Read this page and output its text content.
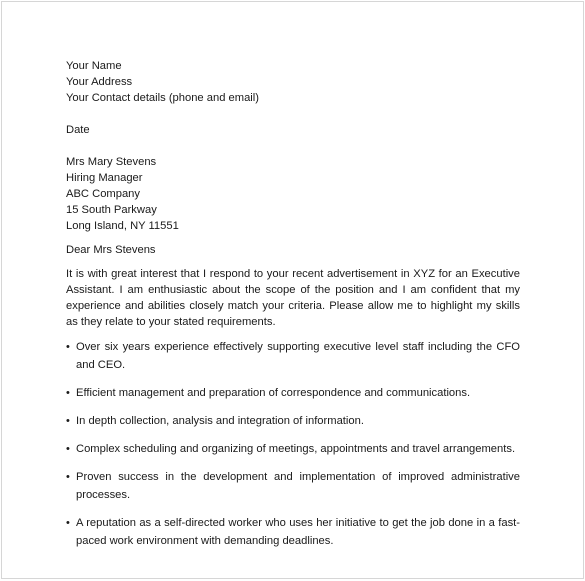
Your Name
Your Address
Your Contact details (phone and email)
Date
Mrs Mary Stevens
Hiring Manager
ABC Company
15 South Parkway
Long Island, NY 11551
Dear Mrs Stevens

It is with great interest that I respond to your recent advertisement in XYZ for an Executive Assistant. I am enthusiastic about the scope of the position and I am confident that my experience and abilities closely match your criteria. Please allow me to highlight my skills as they relate to your stated requirements.

• Over six years experience effectively supporting executive level staff including the CFO and CEO.
• Efficient management and preparation of correspondence and communications.
• In depth collection, analysis and integration of information.
• Complex scheduling and organizing of meetings, appointments and travel arrangements.
• Proven success in the development and implementation of improved administrative processes.
• A reputation as a self-directed worker who uses her initiative to get the job done in a fast-paced work environment with demanding deadlines.
